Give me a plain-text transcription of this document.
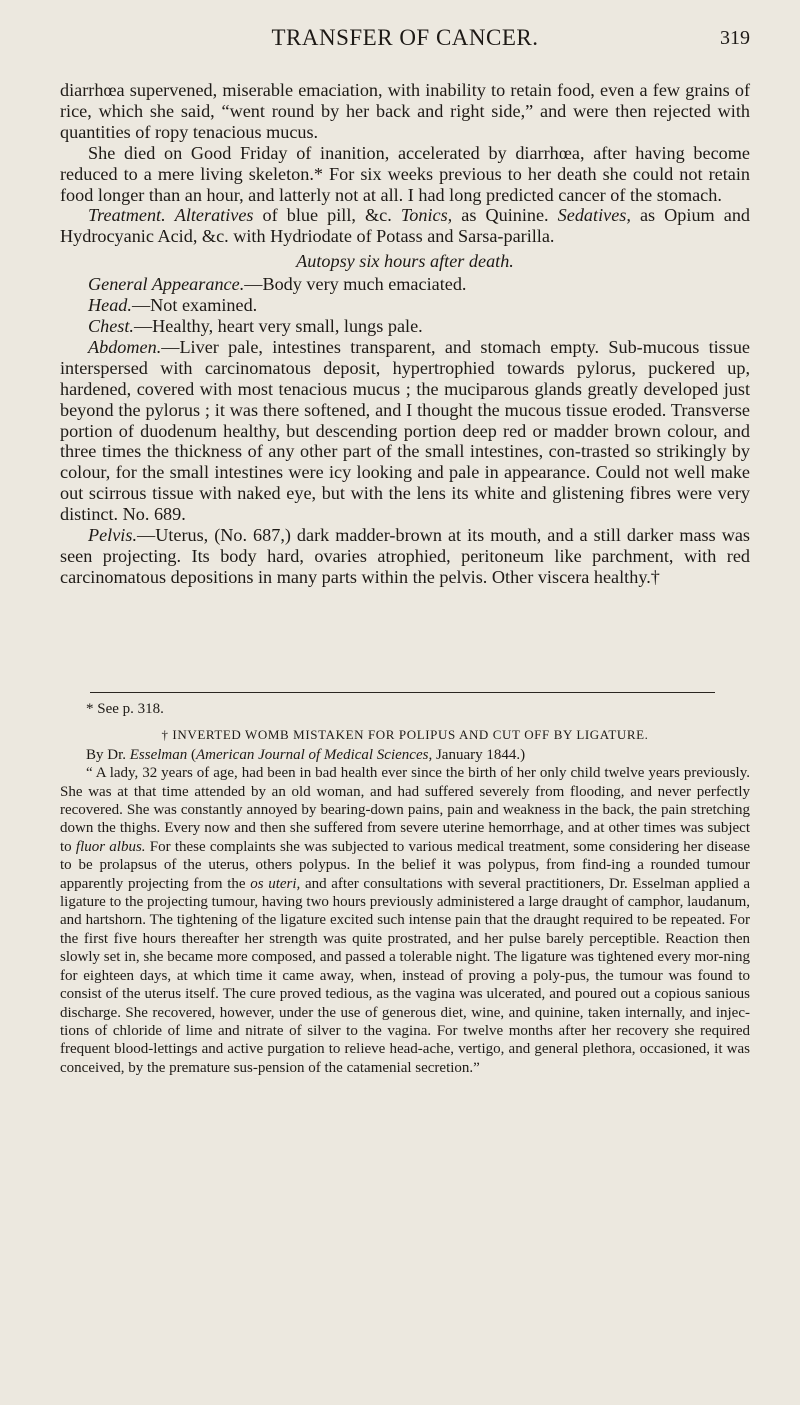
TRANSFER OF CANCER.	319

diarrhœa supervened, miserable emaciation, with inability to retain food, even a few grains of rice, which she said, “went round by her back and right side,” and were then rejected with quantities of ropy tenacious mucus.

She died on Good Friday of inanition, accelerated by diarrhœa, after having become reduced to a mere living skeleton.* For six weeks previous to her death she could not retain food longer than an hour, and latterly not at all. I had long predicted cancer of the stomach.

Treatment. Alteratives of blue pill, &c. Tonics, as Quinine. Sedatives, as Opium and Hydrocyanic Acid, &c. with Hydriodate of Potass and Sarsa-parilla.

Autopsy six hours after death.

General Appearance.—Body very much emaciated.

Head.—Not examined.

Chest.—Healthy, heart very small, lungs pale.

Abdomen.—Liver pale, intestines transparent, and stomach empty. Sub-mucous tissue interspersed with carcinomatous deposit, hypertrophied towards pylorus, puckered up, hardened, covered with most tenacious mucus ; the muciparous glands greatly developed just beyond the pylorus ; it was there softened, and I thought the mucous tissue eroded. Transverse portion of duodenum healthy, but descending portion deep red or madder brown colour, and three times the thickness of any other part of the small intestines, con-trasted so strikingly by colour, for the small intestines were icy looking and pale in appearance. Could not well make out scirrous tissue with naked eye, but with the lens its white and glistening fibres were very distinct. No. 689.

Pelvis.—Uterus, (No. 687,) dark madder-brown at its mouth, and a still darker mass was seen projecting. Its body hard, ovaries atrophied, peritoneum like parchment, with red carcinomatous depositions in many parts within the pelvis. Other viscera healthy.†

* See p. 318.

† INVERTED WOMB MISTAKEN FOR POLIPUS AND CUT OFF BY LIGATURE.

By Dr. Esselman (American Journal of Medical Sciences, January 1844.)

“ A lady, 32 years of age, had been in bad health ever since the birth of her only child twelve years previously. She was at that time attended by an old woman, and had suffered severely from flooding, and never perfectly recovered. She was constantly annoyed by bearing-down pains, pain and weakness in the back, the pain stretching down the thighs. Every now and then she suffered from severe uterine hemorrhage, and at other times was subject to fluor albus. For these complaints she was subjected to various medical treatment, some considering her disease to be prolapsus of the uterus, others polypus. In the belief it was polypus, from find-ing a rounded tumour apparently projecting from the os uteri, and after consultations with several practitioners, Dr. Esselman applied a ligature to the projecting tumour, having two hours previously administered a large draught of camphor, laudanum, and hartshorn. The tightening of the ligature excited such intense pain that the draught required to be repeated. For the first five hours thereafter her strength was quite prostrated, and her pulse barely perceptible. Reaction then slowly set in, she became more composed, and passed a tolerable night. The ligature was tightened every mor-ning for eighteen days, at which time it came away, when, instead of proving a poly-pus, the tumour was found to consist of the uterus itself. The cure proved tedious, as the vagina was ulcerated, and poured out a copious sanious discharge. She recovered, however, under the use of generous diet, wine, and quinine, taken internally, and injec-tions of chloride of lime and nitrate of silver to the vagina. For twelve months after her recovery she required frequent blood-lettings and active purgation to relieve head-ache, vertigo, and general plethora, occasioned, it was conceived, by the premature sus-pension of the catamenial secretion.”
